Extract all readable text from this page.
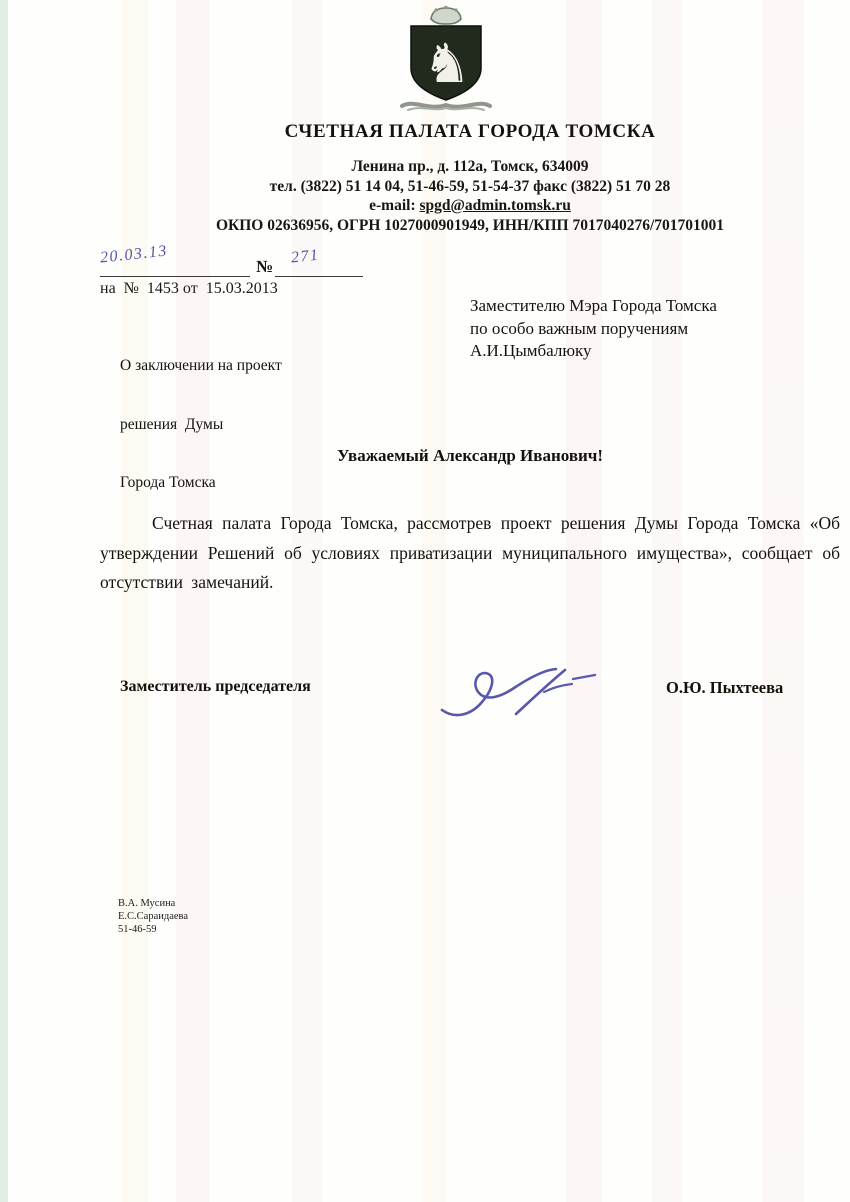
♞
СЧЕТНАЯ ПАЛАТА ГОРОДА ТОМСКА
Ленина пр., д. 112а, Томск, 634009
тел. (3822) 51 14 04, 51-46-59, 51-54-37 факс (3822) 51 70 28
e-mail: spgd@admin.tomsk.ru
ОКПО 02636956, ОГРН 1027000901949, ИНН/КПП 7017040276/701701001
Уважаемый Александр Иванович!
20.03.13	№
271
на  №  1453 от  15.03.2013
Заместителю Мэра Города Томска
по особо важным поручениям
А.И.Цымбалюку

О заключении на проект

решения  Думы

Города Томска

Счетная палата Города Томска, рассмотрев проект решения Думы Города Томска «Об утверждении Решений об условиях приватизации муниципального имущества», сообщает об отсутствии замечаний.
Заместитель председателя	О.Ю. Пыхтеева
В.А. Мусина
Е.С.Сараидаева
51-46-59
